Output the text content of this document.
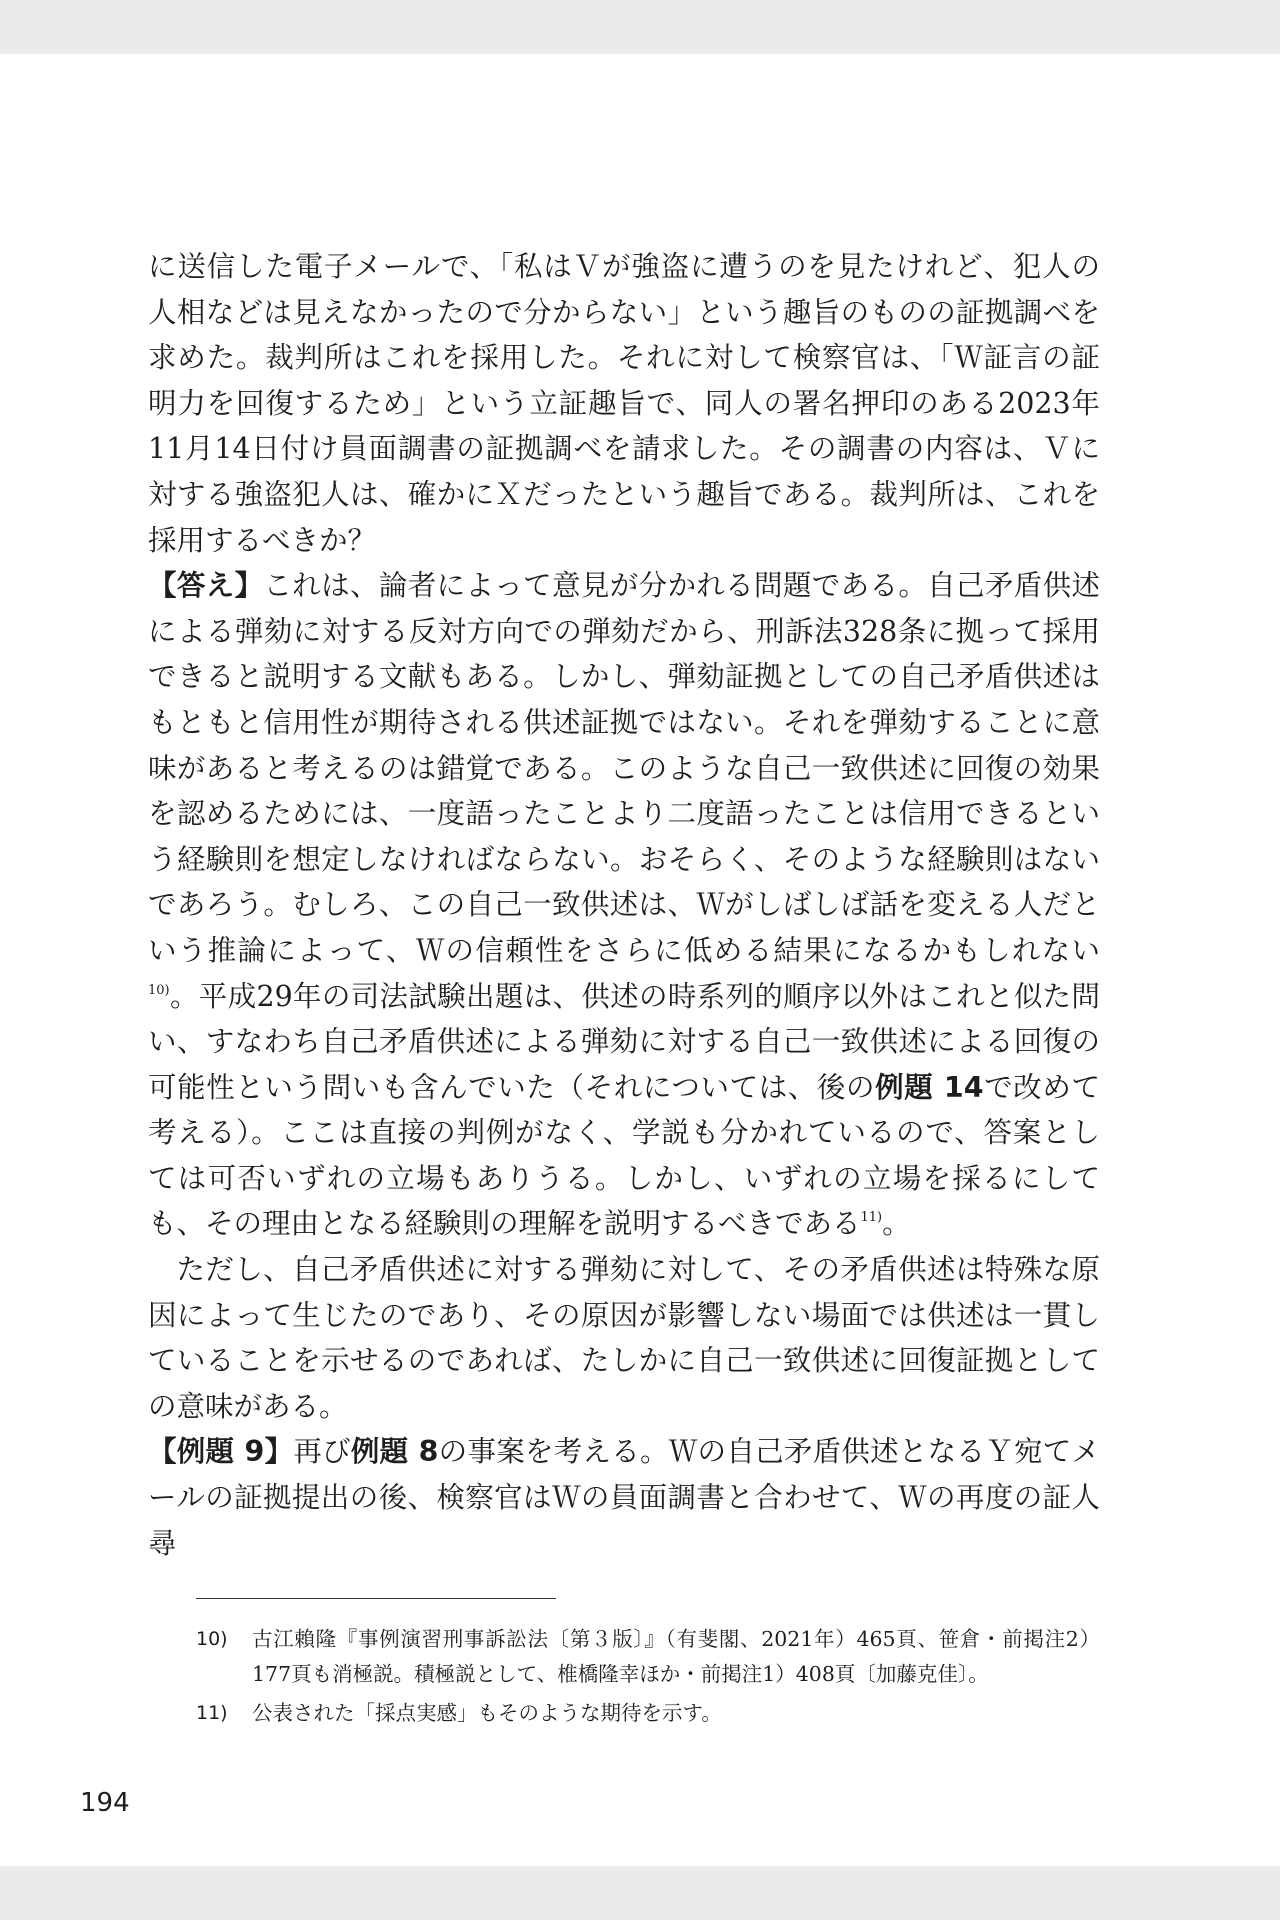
に送信した電子メールで、「私はＶが強盗に遭うのを見たけれど、犯人の人相などは見えなかったので分からない」という趣旨のものの証拠調べを求めた。裁判所はこれを採用した。それに対して検察官は、「Ｗ証言の証明力を回復するため」という立証趣旨で、同人の署名押印のある2023年11月14日付け員面調書の証拠調べを請求した。その調書の内容は、Ｖに対する強盗犯人は、確かにＸだったという趣旨である。裁判所は、これを採用するべきか？

【答え】これは、論者によって意見が分かれる問題である。自己矛盾供述による弾劾に対する反対方向での弾劾だから、刑訴法328条に拠って採用できると説明する文献もある。しかし、弾劾証拠としての自己矛盾供述はもともと信用性が期待される供述証拠ではない。それを弾劾することに意味があると考えるのは錯覚である。このような自己一致供述に回復の効果を認めるためには、一度語ったことより二度語ったことは信用できるという経験則を想定しなければならない。おそらく、そのような経験則はないであろう。むしろ、この自己一致供述は、Ｗがしばしば話を変える人だという推論によって、Ｗの信頼性をさらに低める結果になるかもしれない$^{10)}$。平成29年の司法試験出題は、供述の時系列的順序以外はこれと似た問い、すなわち自己矛盾供述による弾劾に対する自己一致供述による回復の可能性という問いも含んでいた（それについては、後の例題 14で改めて考える）。ここは直接の判例がなく、学説も分かれているので、答案としては可否いずれの立場もありうる。しかし、いずれの立場を採るにしても、その理由となる経験則の理解を説明するべきである$^{11)}$。

ただし、自己矛盾供述に対する弾劾に対して、その矛盾供述は特殊な原因によって生じたのであり、その原因が影響しない場面では供述は一貫していることを示せるのであれば、たしかに自己一致供述に回復証拠としての意味がある。

【例題 9】再び例題 8の事案を考える。Ｗの自己矛盾供述となるＹ宛てメールの証拠提出の後、検察官はＷの員面調書と合わせて、Ｗの再度の証人尋

10)	古江賴隆『事例演習刑事訴訟法〔第３版〕』（有斐閣、2021年）465頁、笹倉・前掲注2）177頁も消極説。積極説として、椎橋隆幸ほか・前掲注1）408頁〔加藤克佳〕。
11)	公表された「採点実感」もそのような期待を示す。
194
